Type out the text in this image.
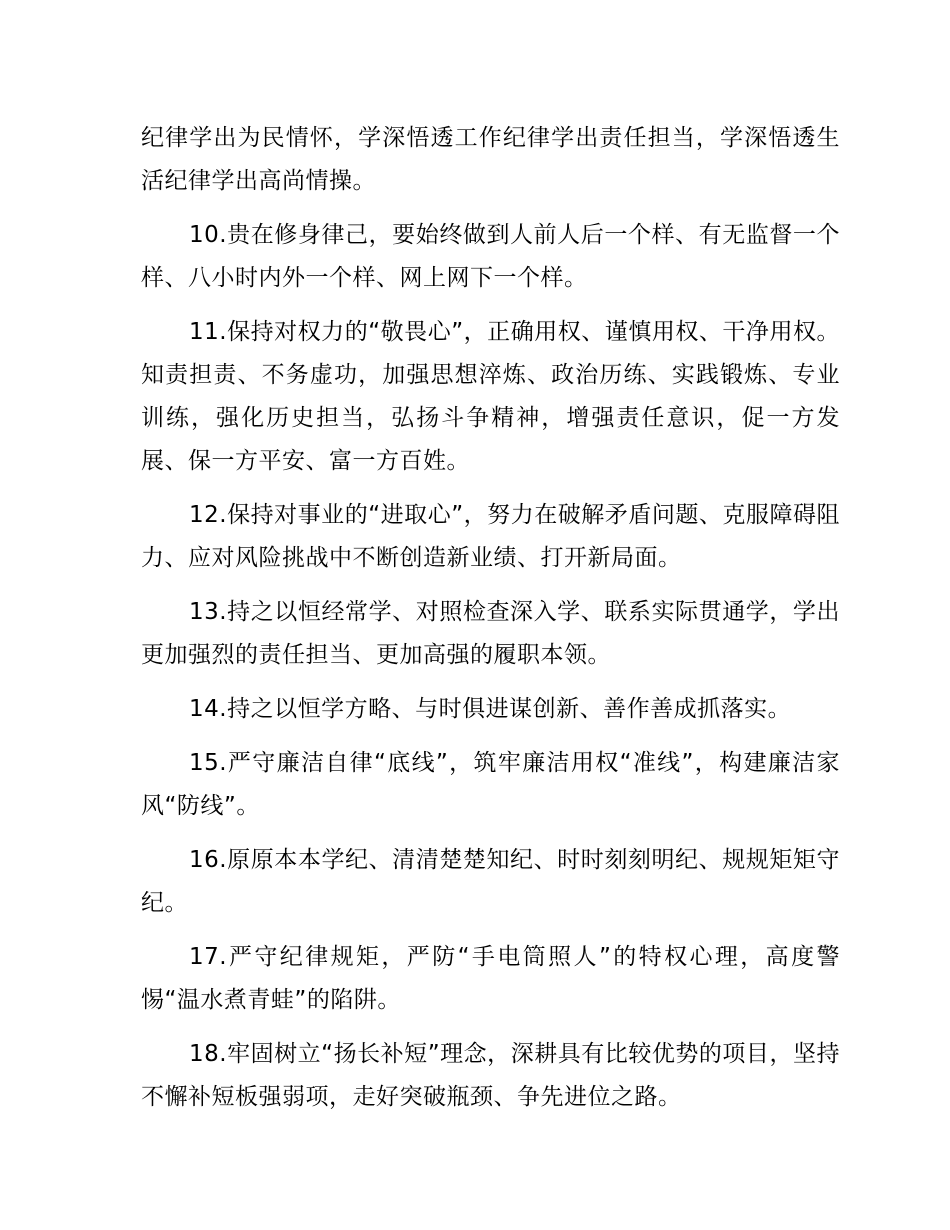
纪律学出为民情怀，学深悟透工作纪律学出责任担当，学深悟透生活纪律学出高尚情操。

10.贵在修身律己，要始终做到人前人后一个样、有无监督一个样、八小时内外一个样、网上网下一个样。

11.保持对权力的“敬畏心”，正确用权、谨慎用权、干净用权。知责担责、不务虚功，加强思想淬炼、政治历练、实践锻炼、专业训练，强化历史担当，弘扬斗争精神，增强责任意识，促一方发展、保一方平安、富一方百姓。

12.保持对事业的“进取心”，努力在破解矛盾问题、克服障碍阻力、应对风险挑战中不断创造新业绩、打开新局面。

13.持之以恒经常学、对照检查深入学、联系实际贯通学，学出更加强烈的责任担当、更加高强的履职本领。

14.持之以恒学方略、与时俱进谋创新、善作善成抓落实。

15.严守廉洁自律“底线”，筑牢廉洁用权“准线”，构建廉洁家风“防线”。

16.原原本本学纪、清清楚楚知纪、时时刻刻明纪、规规矩矩守纪。

17.严守纪律规矩，严防“手电筒照人”的特权心理，高度警惕“温水煮青蛙”的陷阱。

18.牢固树立“扬长补短”理念，深耕具有比较优势的项目，坚持不懈补短板强弱项，走好突破瓶颈、争先进位之路。
